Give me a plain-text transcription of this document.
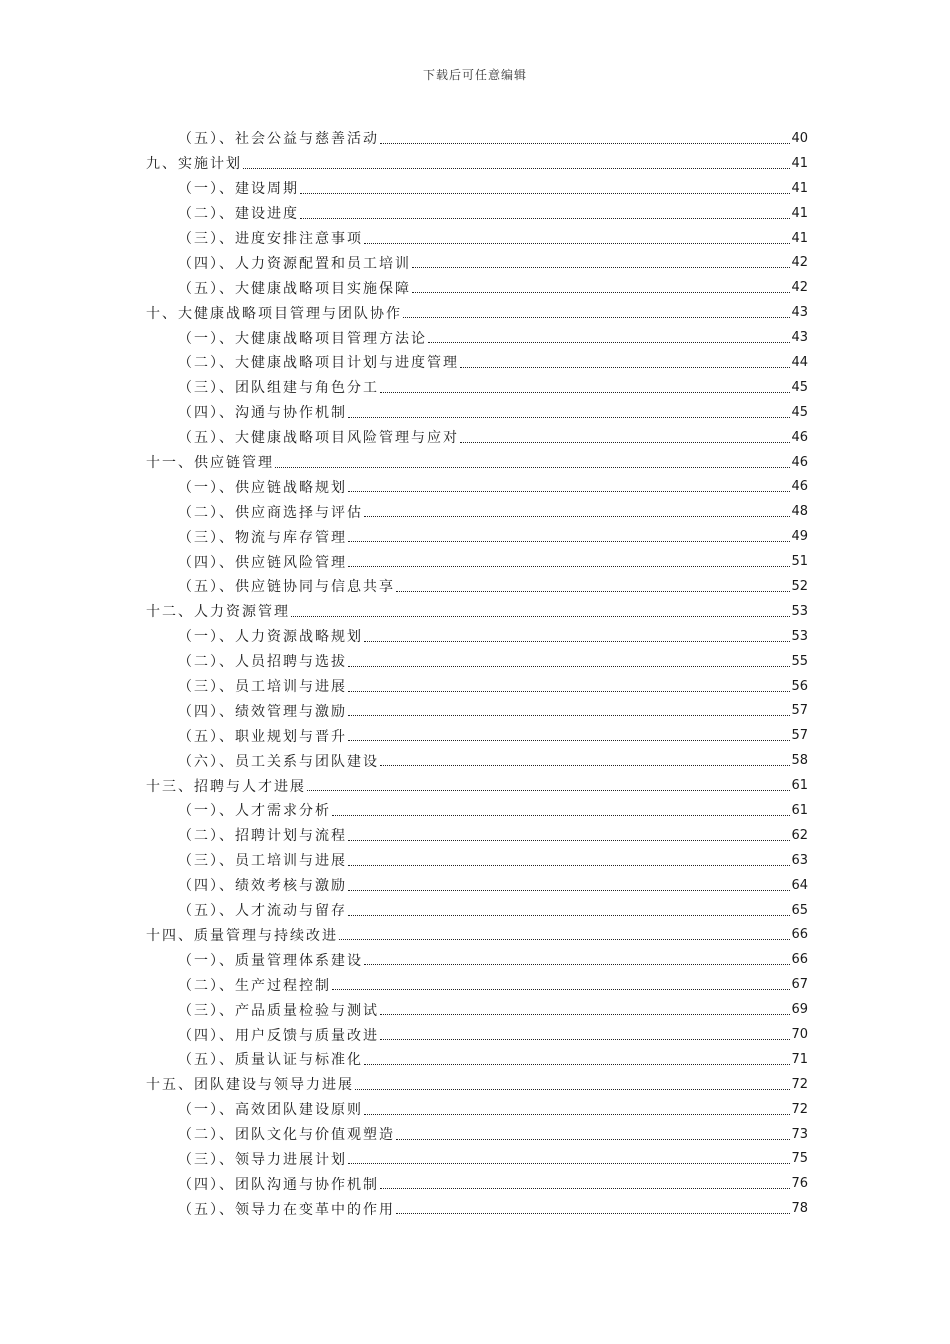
下载后可任意编辑
（五）、社会公益与慈善活动	40
九、实施计划	41
（一）、建设周期	41
（二）、建设进度	41
（三）、进度安排注意事项	41
（四）、人力资源配置和员工培训	42
（五）、大健康战略项目实施保障	42
十、大健康战略项目管理与团队协作	43
（一）、大健康战略项目管理方法论	43
（二）、大健康战略项目计划与进度管理	44
（三）、团队组建与角色分工	45
（四）、沟通与协作机制	45
（五）、大健康战略项目风险管理与应对	46
十一、供应链管理	46
（一）、供应链战略规划	46
（二）、供应商选择与评估	48
（三）、物流与库存管理	49
（四）、供应链风险管理	51
（五）、供应链协同与信息共享	52
十二、人力资源管理	53
（一）、人力资源战略规划	53
（二）、人员招聘与选拔	55
（三）、员工培训与进展	56
（四）、绩效管理与激励	57
（五）、职业规划与晋升	57
（六）、员工关系与团队建设	58
十三、招聘与人才进展	61
（一）、人才需求分析	61
（二）、招聘计划与流程	62
（三）、员工培训与进展	63
（四）、绩效考核与激励	64
（五）、人才流动与留存	65
十四、质量管理与持续改进	66
（一）、质量管理体系建设	66
（二）、生产过程控制	67
（三）、产品质量检验与测试	69
（四）、用户反馈与质量改进	70
（五）、质量认证与标准化	71
十五、团队建设与领导力进展	72
（一）、高效团队建设原则	72
（二）、团队文化与价值观塑造	73
（三）、领导力进展计划	75
（四）、团队沟通与协作机制	76
（五）、领导力在变革中的作用	78
